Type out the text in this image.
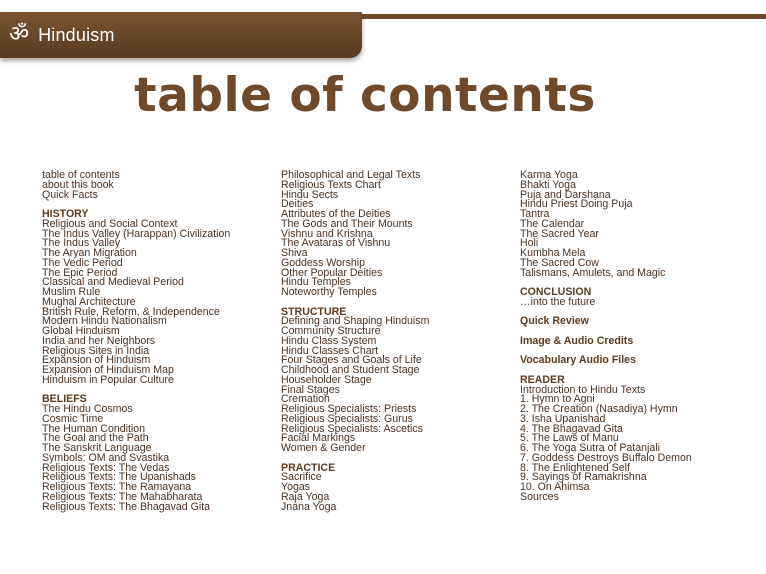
ॐ Hinduism
table of contents
table of contents
about this book
Quick Facts
HISTORY
Religious and Social Context
The Indus Valley (Harappan) Civilization
The Indus Valley
The Aryan Migration
The Vedic Period
The Epic Period
Classical and Medieval Period
Muslim Rule
Mughal Architecture
British Rule, Reform, & Independence
Modern Hindu Nationalism
Global Hinduism
India and her Neighbors
Religious Sites in India
Expansion of Hinduism
Expansion of Hinduism Map
Hinduism in Popular Culture
BELIEFS
The Hindu Cosmos
Cosmic Time
The Human Condition
The Goal and the Path
The Sanskrit Language
Symbols: OM and Svastika
Religious Texts: The Vedas
Religious Texts: The Upanishads
Religious Texts: The Ramayana
Religious Texts: The Mahabharata
Religious Texts: The Bhagavad Gita
Philosophical and Legal Texts
Religious Texts Chart
Hindu Sects
Deities
Attributes of the Deities
The Gods and Their Mounts
Vishnu and Krishna
The Avataras of Vishnu
Shiva
Goddess Worship
Other Popular Deities
Hindu Temples
Noteworthy Temples
STRUCTURE
Defining and Shaping Hinduism
Community Structure
Hindu Class System
Hindu Classes Chart
Four Stages and Goals of Life
Childhood and Student Stage
Householder Stage
Final Stages
Cremation
Religious Specialists: Priests
Religious Specialists: Gurus
Religious Specialists: Ascetics
Facial Markings
Women & Gender
PRACTICE
Sacrifice
Yogas
Raja Yoga
Jnana Yoga
Karma Yoga
Bhakti Yoga
Puja and Darshana
Hindu Priest Doing Puja
Tantra
The Calendar
The Sacred Year
Holi
Kumbha Mela
The Sacred Cow
Talismans, Amulets, and Magic
CONCLUSION
…into the future
Quick Review
Image & Audio Credits
Vocabulary Audio Files
READER
Introduction to Hindu Texts
1. Hymn to Agni
2. The Creation (Nasadiya) Hymn
3. Isha Upanishad
4. The Bhagavad Gita
5. The Laws of Manu
6. The Yoga Sutra of Patanjali
7. Goddess Destroys Buffalo Demon
8. The Enlightened Self
9. Sayings of Ramakrishna
10. On Ahimsa
Sources
